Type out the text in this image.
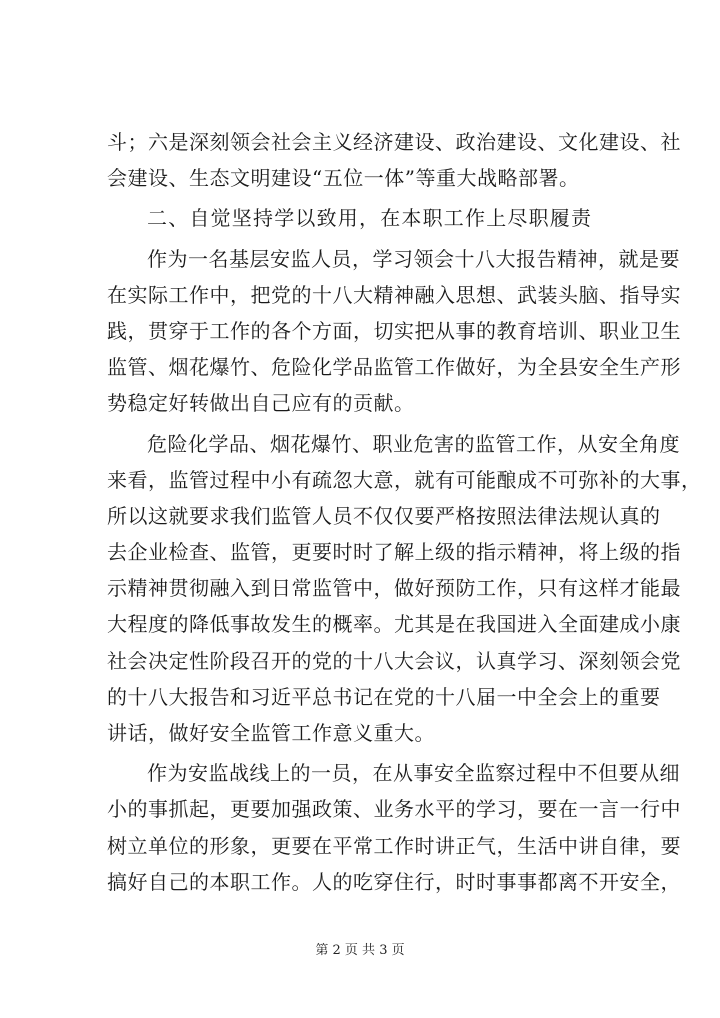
斗；六是深刻领会社会主义经济建设、政治建设、文化建设、社
会建设、生态文明建设“五位一体”等重大战略部署。
二、自觉坚持学以致用，在本职工作上尽职履责
作为一名基层安监人员，学习领会十八大报告精神，就是要
在实际工作中，把党的十八大精神融入思想、武装头脑、指导实
践，贯穿于工作的各个方面，切实把从事的教育培训、职业卫生
监管、烟花爆竹、危险化学品监管工作做好，为全县安全生产形
势稳定好转做出自己应有的贡献。
危险化学品、烟花爆竹、职业危害的监管工作，从安全角度
来看，监管过程中小有疏忽大意，就有可能酿成不可弥补的大事，
所以这就要求我们监管人员不仅仅要严格按照法律法规认真的
去企业检查、监管，更要时时了解上级的指示精神，将上级的指
示精神贯彻融入到日常监管中，做好预防工作，只有这样才能最
大程度的降低事故发生的概率。尤其是在我国进入全面建成小康
社会决定性阶段召开的党的十八大会议，认真学习、深刻领会党
的十八大报告和习近平总书记在党的十八届一中全会上的重要
讲话，做好安全监管工作意义重大。
作为安监战线上的一员，在从事安全监察过程中不但要从细
小的事抓起，更要加强政策、业务水平的学习，要在一言一行中
树立单位的形象，更要在平常工作时讲正气，生活中讲自律，要
搞好自己的本职工作。人的吃穿住行，时时事事都离不开安全，
第 2 页 共 3 页
